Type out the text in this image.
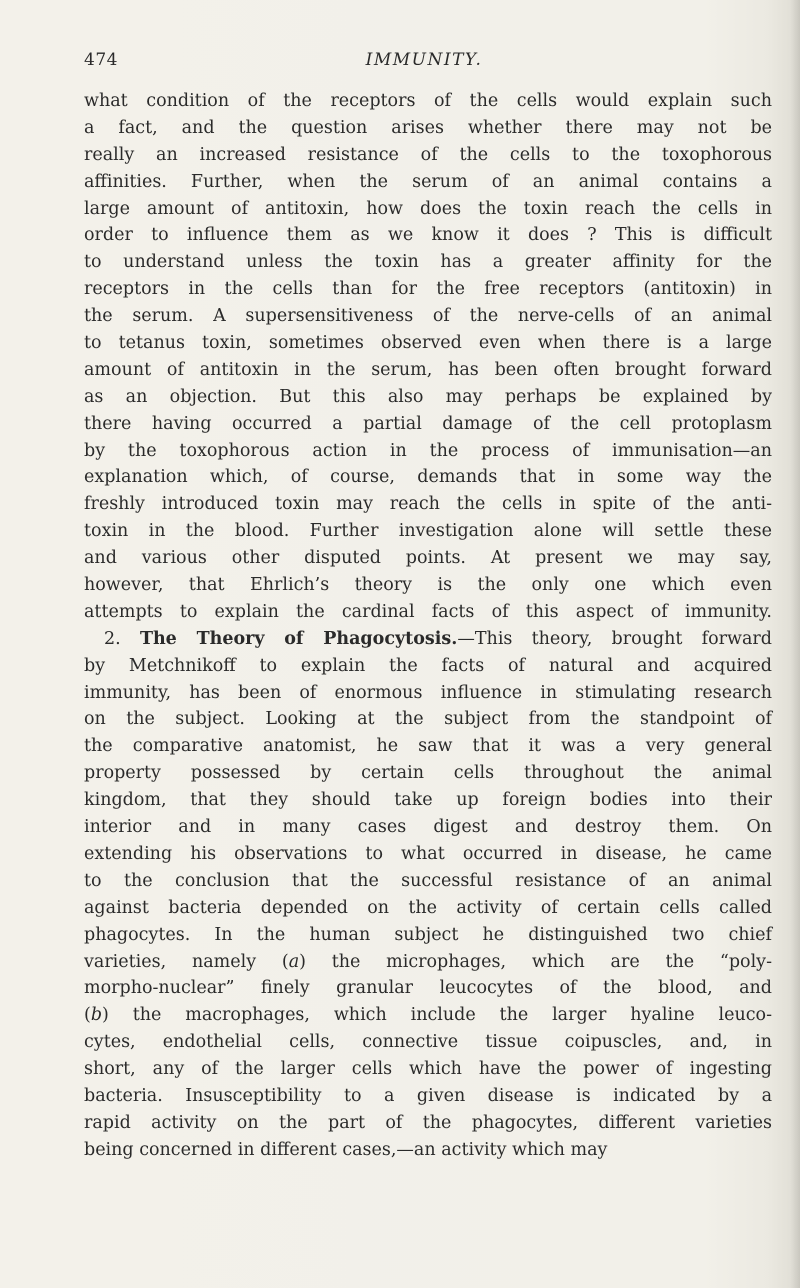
474	IMMUNITY.
what condition of the receptors of the cells would explain such
a fact, and the question arises whether there may not be
really an increased resistance of the cells to the toxophorous
affinities. Further, when the serum of an animal contains a
large amount of antitoxin, how does the toxin reach the cells in
order to influence them as we know it does ? This is difficult
to understand unless the toxin has a greater affinity for the
receptors in the cells than for the free receptors (antitoxin) in
the serum. A supersensitiveness of the nerve-cells of an animal
to tetanus toxin, sometimes observed even when there is a large
amount of antitoxin in the serum, has been often brought forward
as an objection. But this also may perhaps be explained by
there having occurred a partial damage of the cell protoplasm
by the toxophorous action in the process of immunisation—an
explanation which, of course, demands that in some way the
freshly introduced toxin may reach the cells in spite of the anti-
toxin in the blood. Further investigation alone will settle these
and various other disputed points. At present we may say,
however, that Ehrlich’s theory is the only one which even
attempts to explain the cardinal facts of this aspect of immunity.
2. The Theory of Phagocytosis.—This theory, brought forward
by Metchnikoff to explain the facts of natural and acquired
immunity, has been of enormous influence in stimulating research
on the subject. Looking at the subject from the standpoint of
the comparative anatomist, he saw that it was a very general
property possessed by certain cells throughout the animal
kingdom, that they should take up foreign bodies into their
interior and in many cases digest and destroy them. On
extending his observations to what occurred in disease, he came
to the conclusion that the successful resistance of an animal
against bacteria depended on the activity of certain cells called
phagocytes. In the human subject he distinguished two chief
varieties, namely (a) the microphages, which are the “poly-
morpho-nuclear” finely granular leucocytes of the blood, and
(b) the macrophages, which include the larger hyaline leuco-
cytes, endothelial cells, connective tissue coipuscles, and, in
short, any of the larger cells which have the power of ingesting
bacteria. Insusceptibility to a given disease is indicated by a
rapid activity on the part of the phagocytes, different varieties
being concerned in different cases,—an activity which may
